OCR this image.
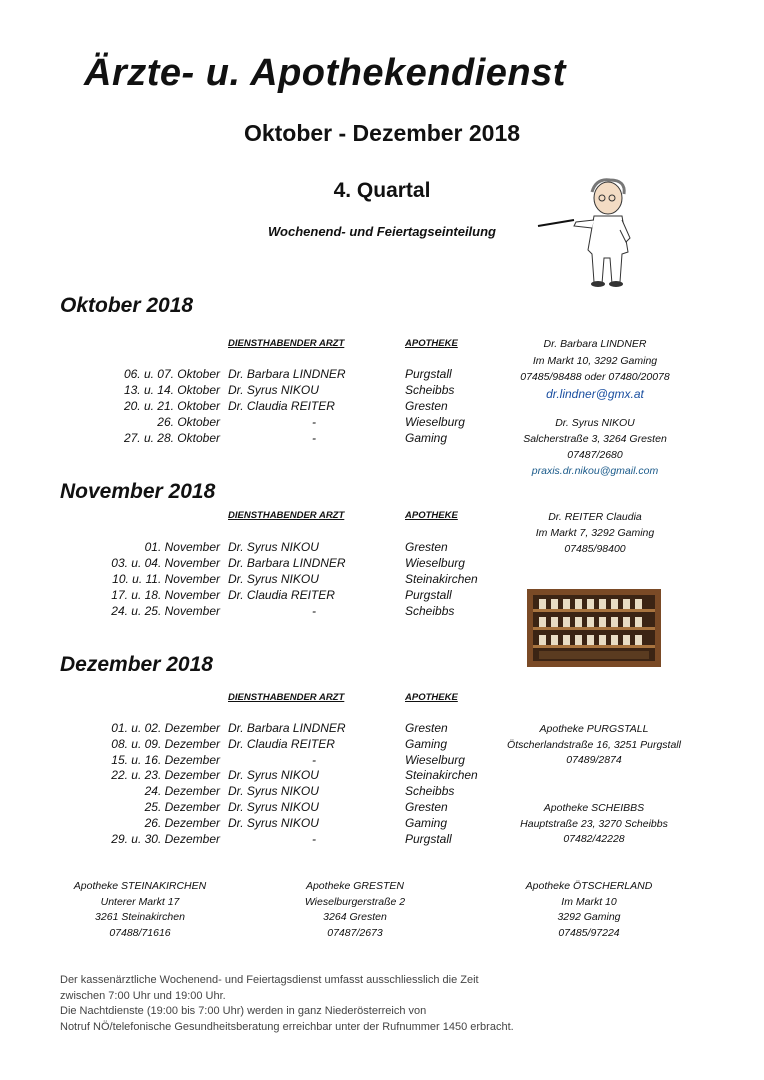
Ärzte- u. Apothekendienst
Oktober - Dezember 2018
4. Quartal
Wochenend- und Feiertagseinteilung
Oktober 2018
DIENSTHABENDER ARZT	APOTHEKE
06. u. 07. Oktober Dr. Barbara LINDNER	Purgstall
13. u. 14. Oktober Dr. Syrus NIKOU	Scheibbs
20. u. 21. Oktober Dr. Claudia REITER	Gresten
26. Oktober	-	Wieselburg
27. u. 28. Oktober	-	Gaming
Dr. Barbara LINDNER
Im Markt 10, 3292 Gaming
07485/98488 oder 07480/20078
dr.lindner@gmx.at
Dr. Syrus NIKOU
Salcherstraße 3, 3264 Gresten
07487/2680
praxis.dr.nikou@gmail.com
November 2018
DIENSTHABENDER ARZT	APOTHEKE
01. November Dr. Syrus NIKOU	Gresten
03. u. 04. November Dr. Barbara LINDNER	Wieselburg
10. u. 11. November Dr. Syrus NIKOU	Steinakirchen
17. u. 18. November Dr. Claudia REITER	Purgstall
24. u. 25. November	-	Scheibbs
Dr. REITER Claudia
Im Markt 7, 3292 Gaming
07485/98400
Dezember 2018
DIENSTHABENDER ARZT	APOTHEKE
01. u. 02. Dezember Dr. Barbara LINDNER	Gresten
08. u. 09. Dezember Dr. Claudia REITER	Gaming
15. u. 16. Dezember	-	Wieselburg
22. u. 23. Dezember Dr. Syrus NIKOU	Steinakirchen
24. Dezember Dr. Syrus NIKOU	Scheibbs
25. Dezember Dr. Syrus NIKOU	Gresten
26. Dezember Dr. Syrus NIKOU	Gaming
29. u. 30. Dezember	-	Purgstall
Apotheke PURGSTALL
Ötscherlandstraße 16, 3251 Purgstall
07489/2874
Apotheke SCHEIBBS
Hauptstraße 23, 3270 Scheibbs
07482/42228
Apotheke STEINAKIRCHEN
Unterer Markt 17
3261 Steinakirchen
07488/71616
Apotheke GRESTEN
Wieselburgerstraße 2
3264 Gresten
07487/2673
Apotheke ÖTSCHERLAND
Im Markt 10
3292 Gaming
07485/97224
Der kassenärztliche Wochenend- und Feiertagsdienst umfasst ausschliesslich die Zeit
zwischen 7:00 Uhr und 19:00 Uhr.
Die Nachtdienste (19:00 bis 7:00 Uhr) werden in ganz Niederösterreich von
Notruf NÖ/telefonische Gesundheitsberatung erreichbar unter der Rufnummer 1450 erbracht.
